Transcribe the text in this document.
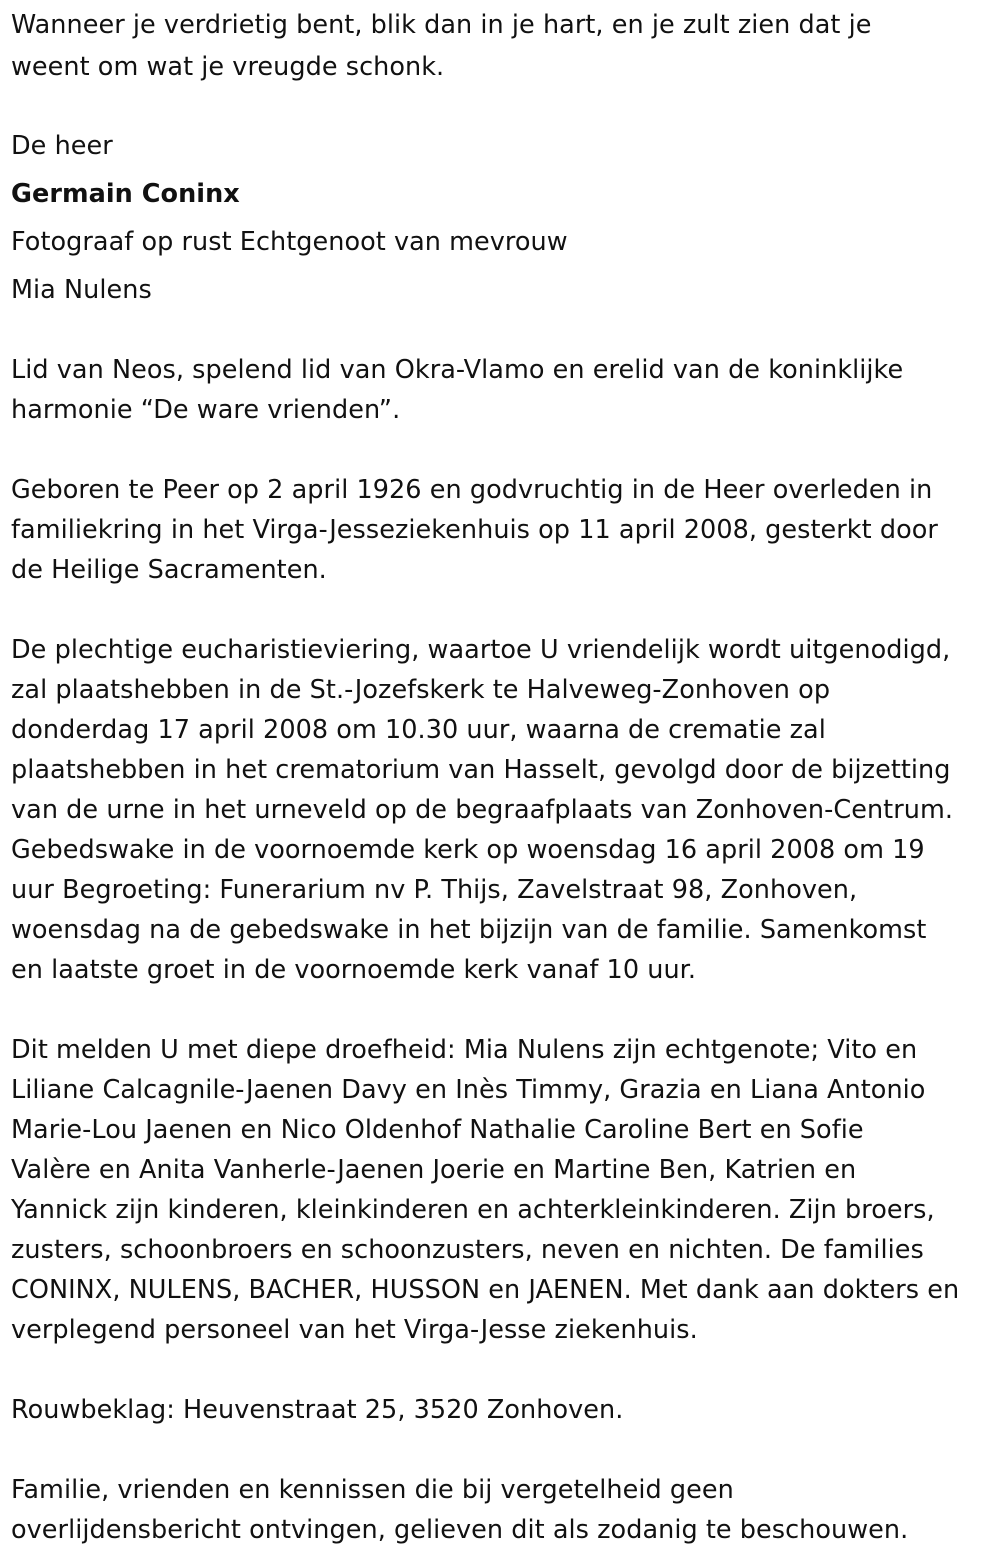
Wanneer je verdrietig bent, blik dan in je hart, en je zult zien dat je
weent om wat je vreugde schonk.
De heer
Germain Coninx
Fotograaf op rust Echtgenoot van mevrouw
Mia Nulens
Lid van Neos, spelend lid van Okra-Vlamo en erelid van de koninklijke
harmonie “De ware vrienden”.
Geboren te Peer op 2 april 1926 en godvruchtig in de Heer overleden in
familiekring in het Virga-Jesseziekenhuis op 11 april 2008, gesterkt door
de Heilige Sacramenten.
De plechtige eucharistieviering, waartoe U vriendelijk wordt uitgenodigd,
zal plaatshebben in de St.-Jozefskerk te Halveweg-Zonhoven op
donderdag 17 april 2008 om 10.30 uur, waarna de crematie zal
plaatshebben in het crematorium van Hasselt, gevolgd door de bijzetting
van de urne in het urneveld op de begraafplaats van Zonhoven-Centrum.
Gebedswake in de voornoemde kerk op woensdag 16 april 2008 om 19
uur Begroeting: Funerarium nv P. Thijs, Zavelstraat 98, Zonhoven,
woensdag na de gebedswake in het bijzijn van de familie. Samenkomst
en laatste groet in de voornoemde kerk vanaf 10 uur.
Dit melden U met diepe droefheid: Mia Nulens zijn echtgenote; Vito en
Liliane Calcagnile-Jaenen Davy en Inès Timmy, Grazia en Liana Antonio
Marie-Lou Jaenen en Nico Oldenhof Nathalie Caroline Bert en Sofie
Valère en Anita Vanherle-Jaenen Joerie en Martine Ben, Katrien en
Yannick zijn kinderen, kleinkinderen en achterkleinkinderen. Zijn broers,
zusters, schoonbroers en schoonzusters, neven en nichten. De families
CONINX, NULENS, BACHER, HUSSON en JAENEN. Met dank aan dokters en
verplegend personeel van het Virga-Jesse ziekenhuis.
Rouwbeklag: Heuvenstraat 25, 3520 Zonhoven.
Familie, vrienden en kennissen die bij vergetelheid geen
overlijdensbericht ontvingen, gelieven dit als zodanig te beschouwen.
